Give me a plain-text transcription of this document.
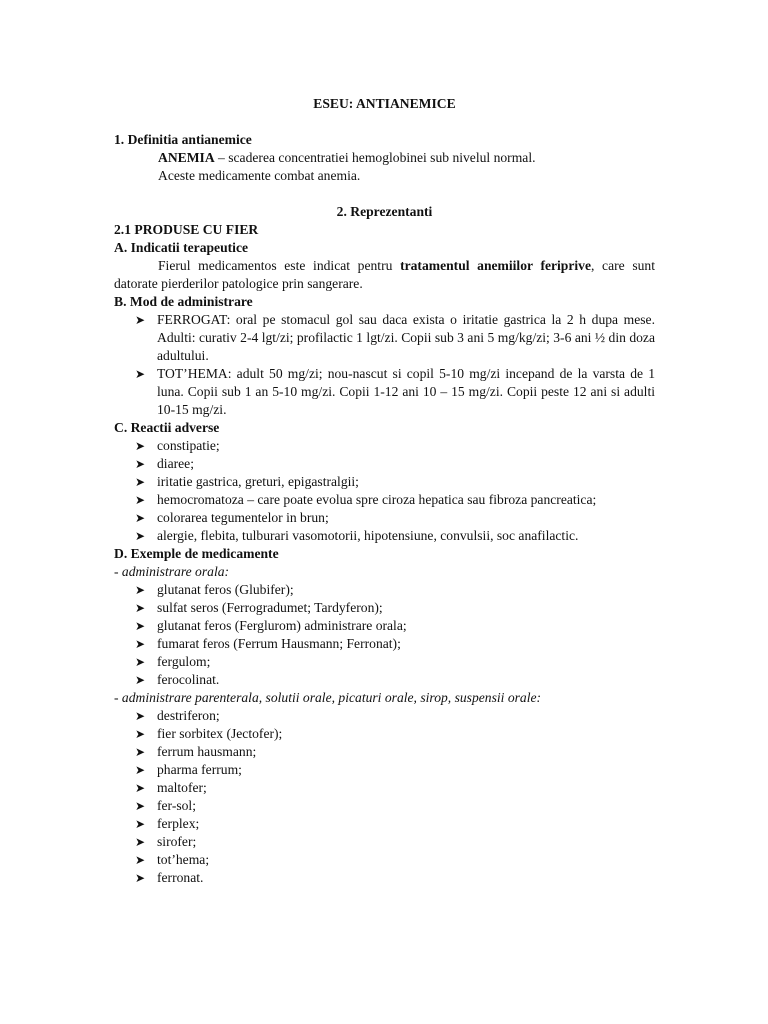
ESEU: ANTIANEMICE

1. Definitia antianemice

ANEMIA – scaderea concentratiei hemoglobinei sub nivelul normal.

Aceste medicamente combat anemia.

2. Reprezentanti

2.1 PRODUSE CU FIER

A. Indicatii terapeutice

Fierul medicamentos este indicat pentru tratamentul anemiilor feriprive, care sunt datorate pierderilor patologice prin sangerare.

B. Mod de administrare

➤ FERROGAT: oral pe stomacul gol sau daca exista o iritatie gastrica la 2 h dupa mese. Adulti: curativ 2-4 lgt/zi; profilactic 1 lgt/zi. Copii sub 3 ani 5 mg/kg/zi; 3-6 ani ½ din doza adultului.
➤ TOT’HEMA: adult 50 mg/zi; nou-nascut si copil 5-10 mg/zi incepand de la varsta de 1 luna. Copii sub 1 an 5-10 mg/zi. Copii 1-12 ani 10 – 15 mg/zi. Copii peste 12 ani si adulti 10-15 mg/zi.

C. Reactii adverse

➤ constipatie;
➤ diaree;
➤ iritatie gastrica, greturi, epigastralgii;
➤ hemocromatoza – care poate evolua spre ciroza hepatica sau fibroza pancreatica;
➤ colorarea tegumentelor in brun;
➤ alergie, flebita, tulburari vasomotorii, hipotensiune, convulsii, soc anafilactic.

D. Exemple de medicamente

- administrare orala:

➤ glutanat feros (Glubifer);
➤ sulfat seros (Ferrogradumet; Tardyferon);
➤ glutanat feros (Ferglurom) administrare orala;
➤ fumarat feros (Ferrum Hausmann; Ferronat);
➤ fergulom;
➤ ferocolinat.

- administrare parenterala, solutii orale, picaturi orale, sirop, suspensii orale:

➤ destriferon;
➤ fier sorbitex (Jectofer);
➤ ferrum hausmann;
➤ pharma ferrum;
➤ maltofer;
➤ fer-sol;
➤ ferplex;
➤ sirofer;
➤ tot’hema;
➤ ferronat.
